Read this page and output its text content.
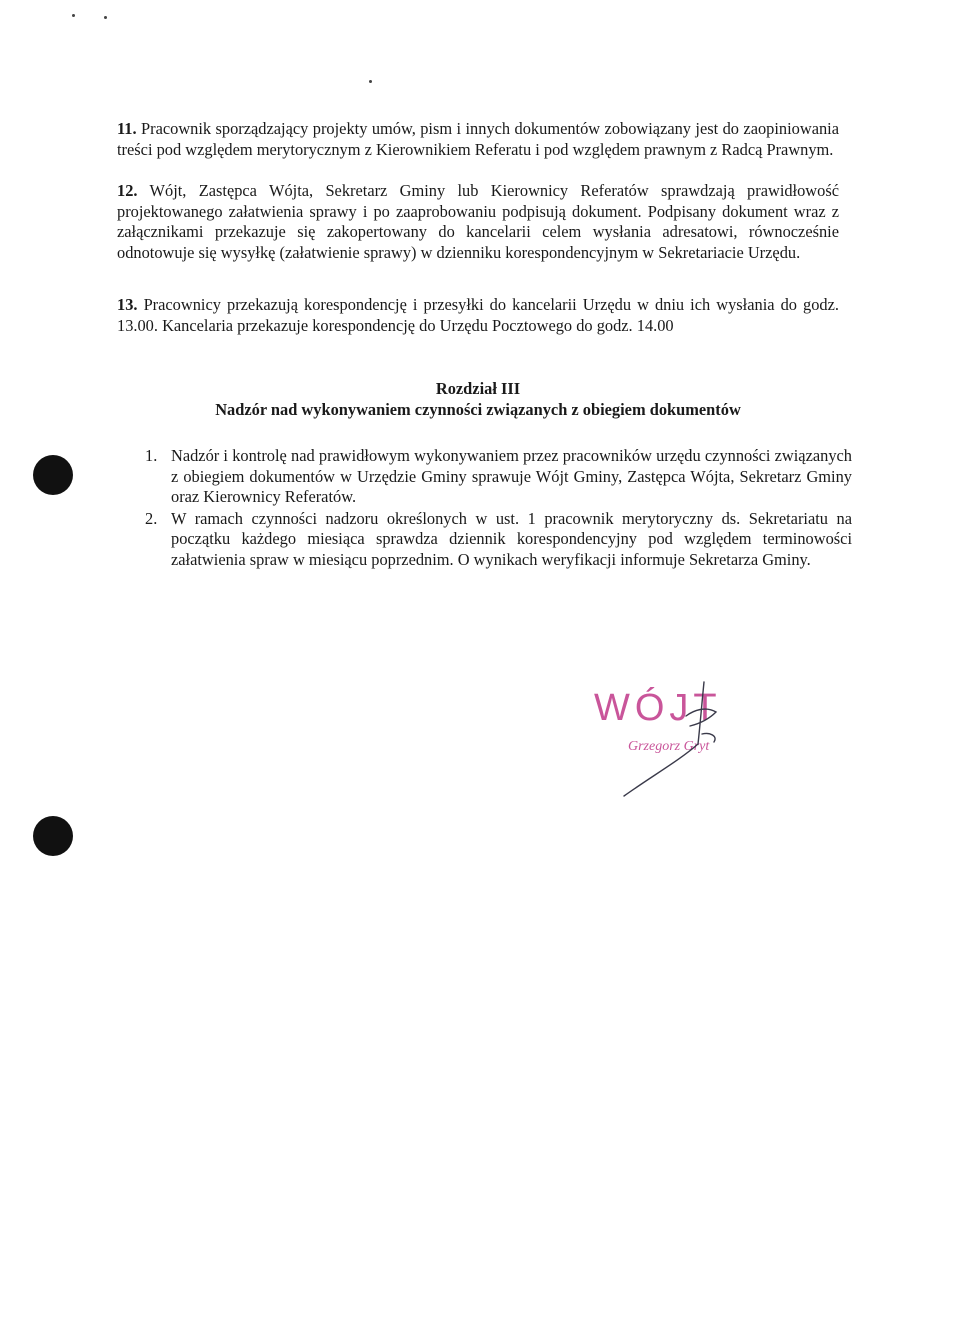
11. Pracownik sporządzający projekty umów, pism i innych dokumentów zobowiązany jest do zaopiniowania treści pod względem merytorycznym z Kierownikiem Referatu i pod względem prawnym z Radcą Prawnym.

12. Wójt, Zastępca Wójta, Sekretarz Gminy lub Kierownicy Referatów sprawdzają prawidłowość projektowanego załatwienia sprawy i po zaaprobowaniu podpisują dokument. Podpisany dokument wraz z załącznikami przekazuje się zakopertowany do kancelarii celem wysłania adresatowi, równocześnie odnotowuje się wysyłkę (załatwienie sprawy) w dzienniku korespondencyjnym w Sekretariacie Urzędu.

13. Pracownicy przekazują korespondencję i przesyłki do kancelarii Urzędu w dniu ich wysłania do godz. 13.00. Kancelaria przekazuje korespondencję do Urzędu Pocztowego do godz. 14.00

Rozdział III

Nadzór nad wykonywaniem czynności związanych z obiegiem dokumentów

1. Nadzór i kontrolę nad prawidłowym wykonywaniem przez pracowników urzędu czynności związanych z obiegiem dokumentów w Urzędzie Gminy sprawuje Wójt Gminy, Zastępca Wójta, Sekretarz Gminy oraz Kierownicy Referatów.
2. W ramach czynności nadzoru określonych w ust. 1 pracownik merytoryczny ds. Sekretariatu na początku każdego miesiąca sprawdza dziennik korespondencyjny pod względem terminowości załatwienia spraw w miesiącu poprzednim. O wynikach weryfikacji informuje Sekretarza Gminy.
WÓJT
Grzegorz Gryt
